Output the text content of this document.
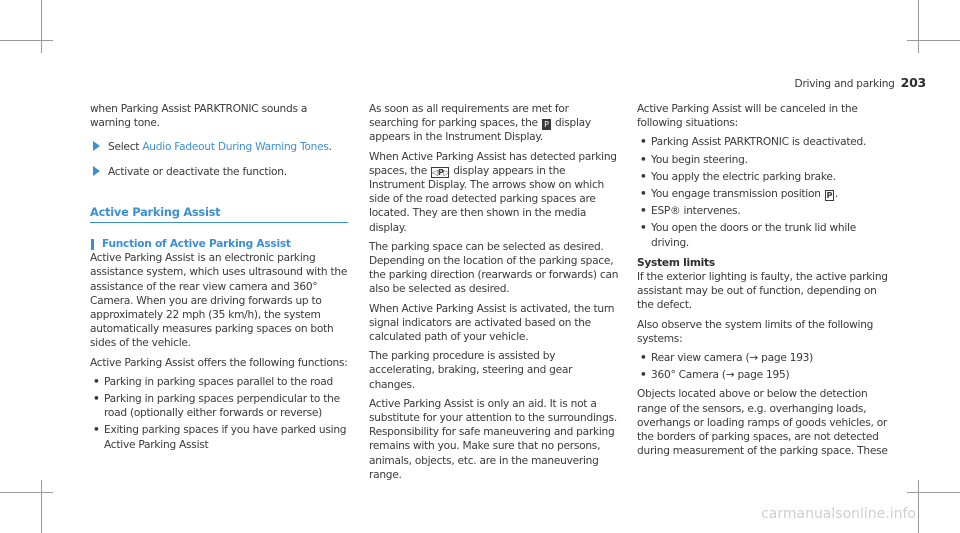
Driving and parking 203

when Parking Assist PARKTRONIC sounds a warning tone.

Select Audio Fadeout During Warning Tones.
Activate or deactivate the function.
Active Parking Assist
Function of Active Parking Assist

Active Parking Assist is an electronic parking assistance system, which uses ultrasound with the assistance of the rear view camera and 360° Camera. When you are driving forwards up to approximately 22 mph (35 km/h), the system automatically measures parking spaces on both sides of the vehicle.

Active Parking Assist offers the following functions:

• Parking in parking spaces parallel to the road
• Parking in parking spaces perpendicular to the road (optionally either forwards or reverse)
• Exiting parking spaces if you have parked using Active Parking Assist

As soon as all requirements are met for searching for parking spaces, the P display appears in the Instrument Display.

When Active Parking Assist has detected parking spaces, the ◁P▷ display appears in the Instrument Display. The arrows show on which side of the road detected parking spaces are located. They are then shown in the media display.

The parking space can be selected as desired. Depending on the location of the parking space, the parking direction (rearwards or forwards) can also be selected as desired.

When Active Parking Assist is activated, the turn signal indicators are activated based on the calculated path of your vehicle.

The parking procedure is assisted by accelerating, braking, steering and gear changes.

Active Parking Assist is only an aid. It is not a substitute for your attention to the surroundings. Responsibility for safe maneuvering and parking remains with you. Make sure that no persons, animals, objects, etc. are in the maneuvering range.

Active Parking Assist will be canceled in the following situations:

• Parking Assist PARKTRONIC is deactivated.
• You begin steering.
• You apply the electric parking brake.
• You engage transmission position P .
• ESP® intervenes.
• You open the doors or the trunk lid while driving.
System limits

If the exterior lighting is faulty, the active parking assistant may be out of function, depending on the defect.

Also observe the system limits of the following systems:

• Rear view camera (→ page 193)
• 360° Camera (→ page 195)

Objects located above or below the detection range of the sensors, e.g. overhanging loads, overhangs or loading ramps of goods vehicles, or the borders of parking spaces, are not detected during measurement of the parking space. These

carmanualsonline.info
